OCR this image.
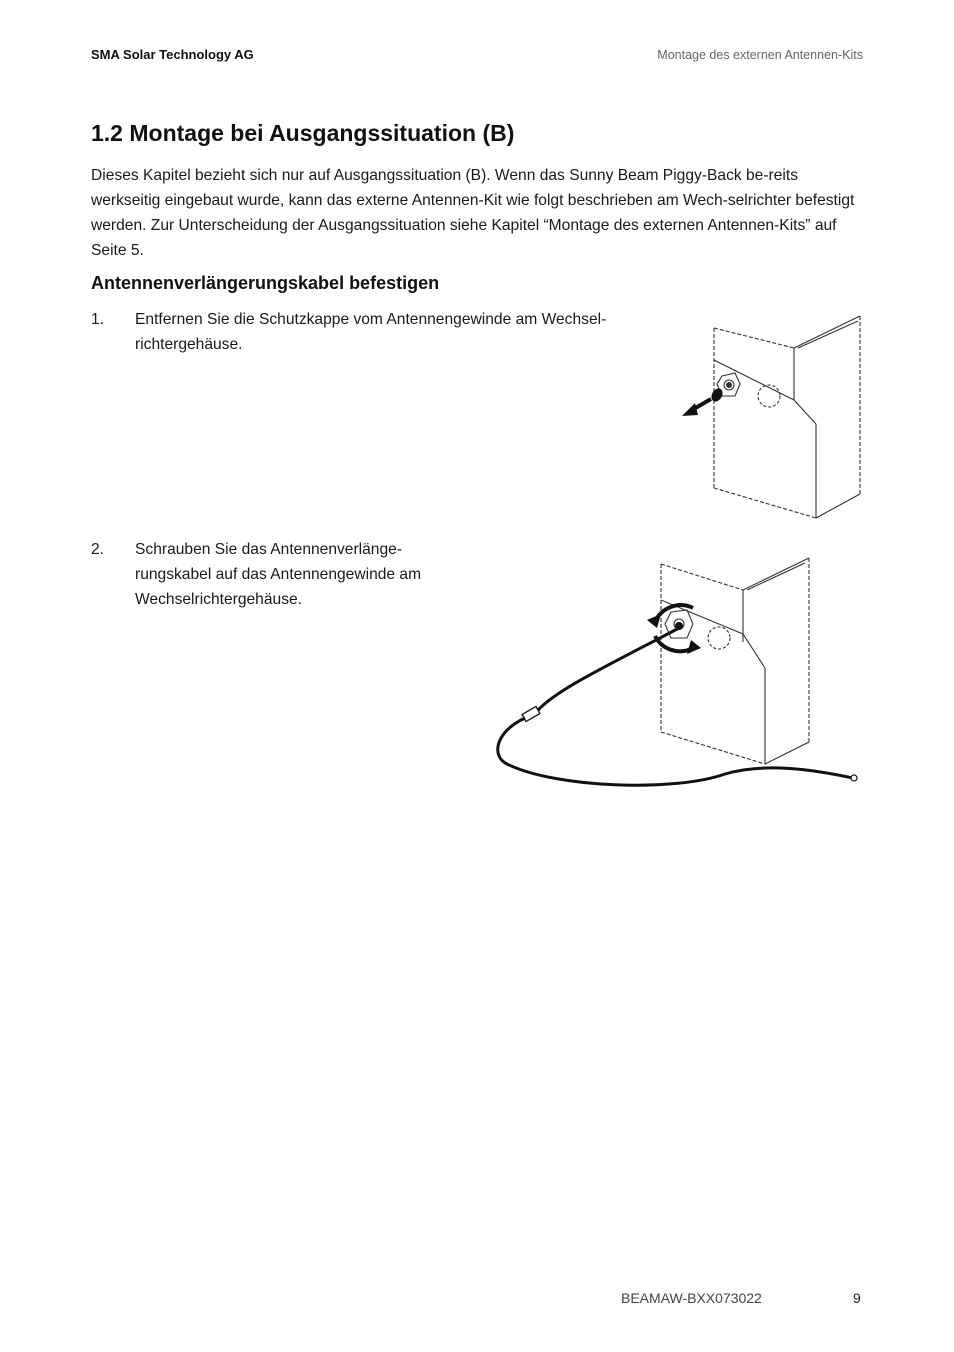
SMA Solar Technology AG	Montage des externen Antennen-Kits
1.2 Montage bei Ausgangssituation (B)

Dieses Kapitel bezieht sich nur auf Ausgangssituation (B). Wenn das Sunny Beam Piggy-Back be-reits werkseitig eingebaut wurde, kann das externe Antennen-Kit wie folgt beschrieben am Wech-selrichter befestigt werden. Zur Unterscheidung der Ausgangssituation siehe Kapitel “Montage des externen Antennen-Kits” auf Seite 5.

Antennenverlängerungskabel befestigen
1. Entfernen Sie die Schutzkappe vom Antennengewinde am Wechsel-richtergehäuse.
2. Schrauben Sie das Antennenverlänge-rungskabel auf das Antennengewinde am Wechselrichtergehäuse.
BEAMAW-BXX073022	9
